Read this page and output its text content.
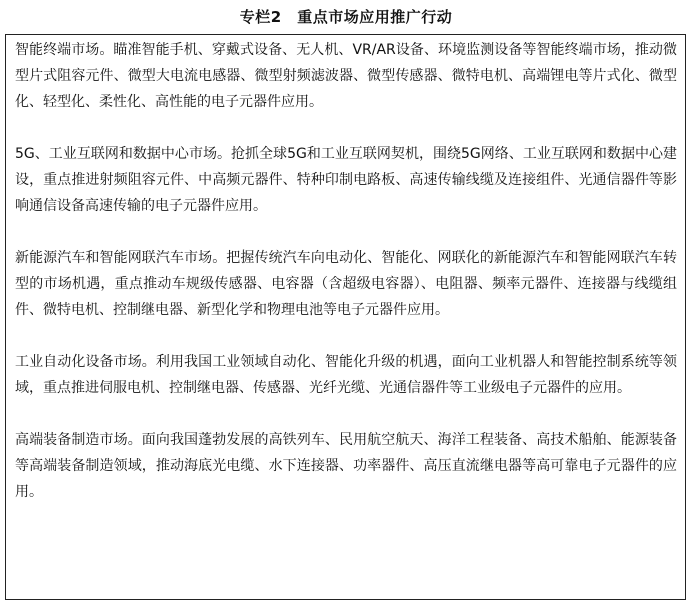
专栏2　重点市场应用推广行动

智能终端市场。瞄准智能手机、穿戴式设备、无人机、VR/AR设备、环境监测设备等智能终端市场，推动微型片式阻容元件、微型大电流电感器、微型射频滤波器、微型传感器、微特电机、高端锂电等片式化、微型化、轻型化、柔性化、高性能的电子元器件应用。

5G、工业互联网和数据中心市场。抢抓全球5G和工业互联网契机，围绕5G网络、工业互联网和数据中心建设，重点推进射频阻容元件、中高频元器件、特种印制电路板、高速传输线缆及连接组件、光通信器件等影响通信设备高速传输的电子元器件应用。

新能源汽车和智能网联汽车市场。把握传统汽车向电动化、智能化、网联化的新能源汽车和智能网联汽车转型的市场机遇，重点推动车规级传感器、电容器（含超级电容器）、电阻器、频率元器件、连接器与线缆组件、微特电机、控制继电器、新型化学和物理电池等电子元器件应用。

工业自动化设备市场。利用我国工业领域自动化、智能化升级的机遇，面向工业机器人和智能控制系统等领域，重点推进伺服电机、控制继电器、传感器、光纤光缆、光通信器件等工业级电子元器件的应用。

高端装备制造市场。面向我国蓬勃发展的高铁列车、民用航空航天、海洋工程装备、高技术船舶、能源装备等高端装备制造领域，推动海底光电缆、水下连接器、功率器件、高压直流继电器等高可靠电子元器件的应用。
